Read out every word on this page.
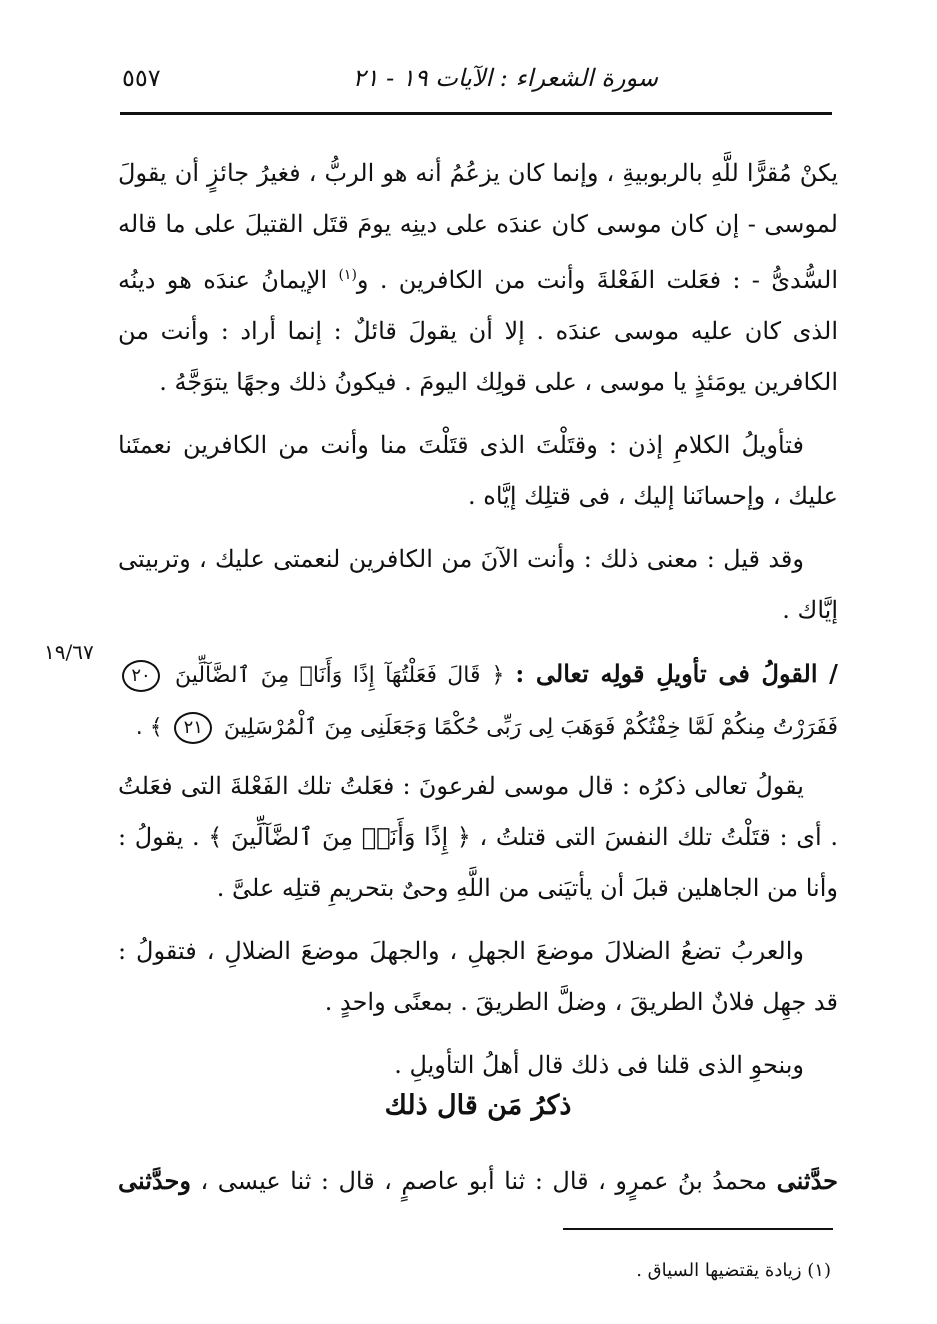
سورة الشعراء : الآيات ١٩ - ٢١
٥٥٧

يكنْ مُقرًّا للَّهِ بالربوبيةِ ، وإنما كان يزعُمُ أنه هو الربُّ ، فغيرُ جائزٍ أن يقولَ لموسى - إن كان موسى كان عندَه على دينِه يومَ قتَل القتيلَ على ما قاله السُّدىُّ - : فعَلت الفَعْلةَ وأنت من الكافرين . و$^{(١)}$ الإيمانُ عندَه هو دينُه الذى كان عليه موسى عندَه . إلا أن يقولَ قائلٌ : إنما أراد : وأنت من الكافرين يومَئذٍ يا موسى ، على قولِك اليومَ . فيكونُ ذلك وجهًا يتوَجَّهُ .

فتأويلُ الكلامِ إذن : وقتَلْتَ الذى قتَلْتَ منا وأنت من الكافرين نعمتَنا عليك ، وإحسانَنا إليك ، فى قتلِك إيَّاه .

وقد قيل : معنى ذلك : وأنت الآنَ من الكافرين لنعمتى عليك ، وتربيتى إيَّاك .

/ القولُ فى تأويلِ قولِه تعالى : ﴿ قَالَ فَعَلْتُهَآ إِذًا وَأَنَا۠ مِنَ ٱلضَّآلِّينَ ٢٠ فَفَرَرْتُ مِنكُمْ لَمَّا خِفْتُكُمْ فَوَهَبَ لِى رَبِّى حُكْمًا وَجَعَلَنِى مِنَ ٱلْمُرْسَلِينَ ٢١ ﴾ .

يقولُ تعالى ذكرُه : قال موسى لفرعونَ : فعَلتُ تلك الفَعْلةَ التى فعَلتُ . أى : قتَلْتُ تلك النفسَ التى قتلتُ ، ﴿ إِذًا وَأَنَا۠ مِنَ ٱلضَّآلِّينَ ﴾ . يقولُ : وأنا من الجاهلين قبلَ أن يأتيَنى من اللَّهِ وحىٌ بتحريمِ قتلِه علىَّ .

والعربُ تضعُ الضلالَ موضعَ الجهلِ ، والجهلَ موضعَ الضلالِ ، فتقولُ : قد جهِل فلانٌ الطريقَ ، وضلَّ الطريقَ . بمعنًى واحدٍ .

وبنحوِ الذى قلنا فى ذلك قال أهلُ التأويلِ .

١٩/٦٧
ذكرُ مَن قال ذلك
حدَّثنى محمدُ بنُ عمرٍو ، قال : ثنا أبو عاصمٍ ، قال : ثنا عيسى ، وحدَّثنى
(١) زيادة يقتضيها السياق .
